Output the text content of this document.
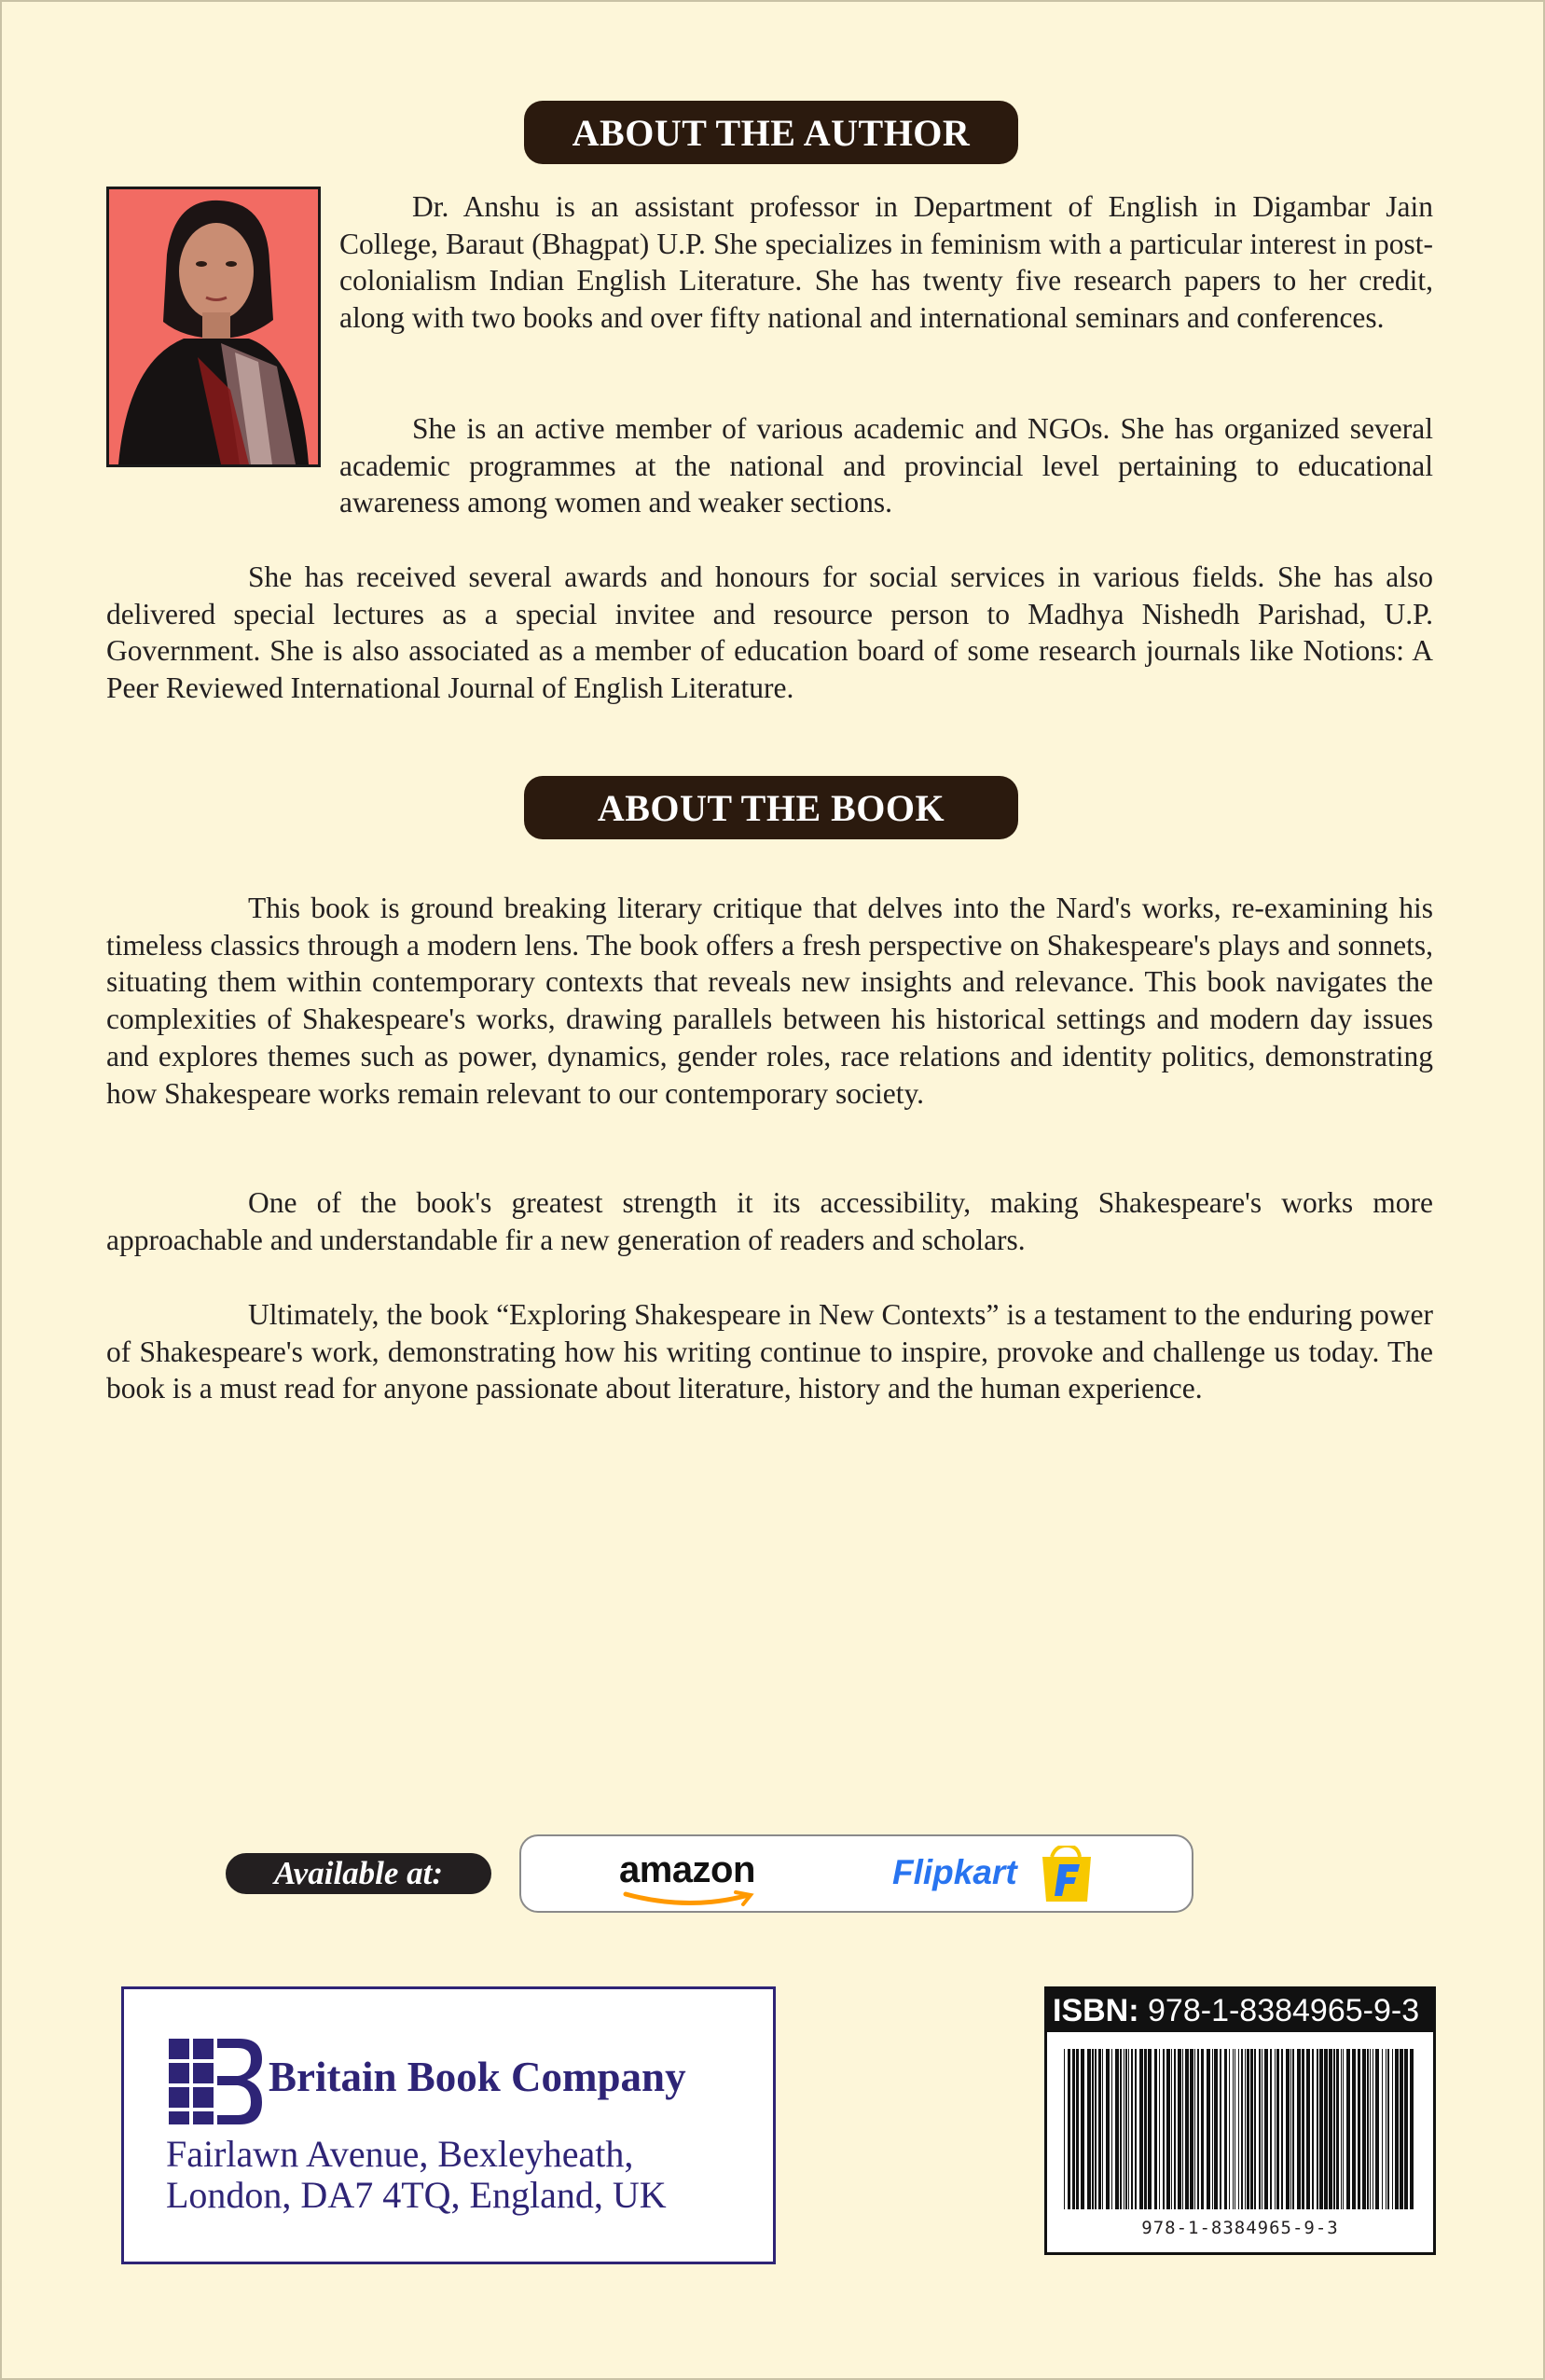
ABOUT THE AUTHOR

Dr. Anshu is an assistant professor in Department of English in Digambar Jain College, Baraut (Bhagpat) U.P. She specializes in feminism with a particular interest in post-colonialism Indian English Literature. She has twenty five research papers to her credit, along with two books and over fifty national and international seminars and conferences.

She is an active member of various academic and NGOs. She has organized several academic programmes at the national and provincial level pertaining to educational awareness among women and weaker sections.

She has received several awards and honours for social services in various fields. She has also delivered special lectures as a special invitee and resource person to Madhya Nishedh Parishad, U.P. Government. She is also associated as a member of education board of some research journals like Notions: A Peer Reviewed International Journal of English Literature.

ABOUT THE BOOK

This book is ground breaking literary critique that delves into the Nard's works, re-examining his timeless classics through a modern lens. The book offers a fresh perspective on Shakespeare's plays and sonnets, situating them within contemporary contexts that reveals new insights and relevance. This book navigates the complexities of Shakespeare's works, drawing parallels between his historical settings and modern day issues and explores themes such as power, dynamics, gender roles, race relations and identity politics, demonstrating how Shakespeare works remain relevant to our contemporary society.

One of the book's greatest strength it its accessibility, making Shakespeare's works more approachable and understandable fir a new generation of readers and scholars.

Ultimately, the book “Exploring Shakespeare in New Contexts” is a testament to the enduring power of Shakespeare's work, demonstrating how his writing continue to inspire, provoke and challenge us today. The book is a must read for anyone passionate about literature, history and the human experience.

Available at:	amazon	Flipkart
Britain Book Company
Fairlawn Avenue, Bexleyheath,
London, DA7 4TQ, England, UK
ISBN: 978-1-8384965-9-3
978-1-8384965-9-3
